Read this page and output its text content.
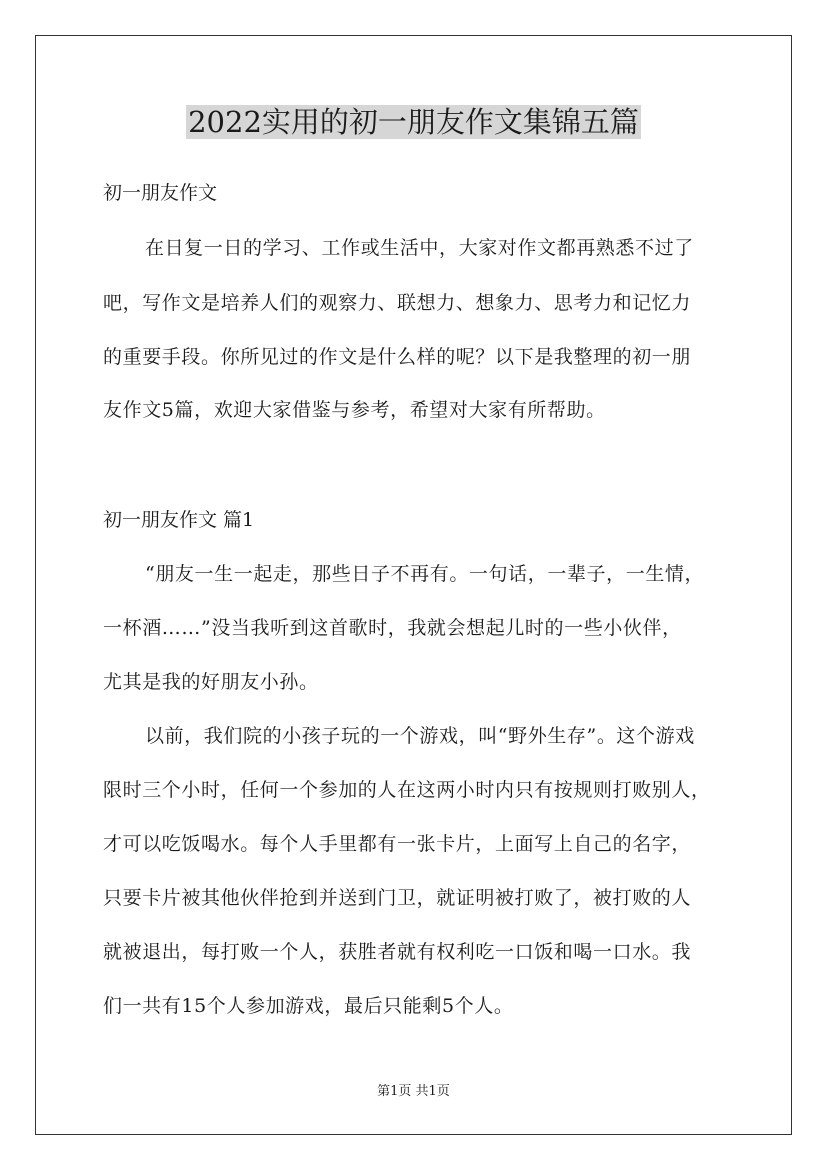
2022实用的初一朋友作文集锦五篇
初一朋友作文
在日复一日的学习、工作或生活中，大家对作文都再熟悉不过了
吧，写作文是培养人们的观察力、联想力、想象力、思考力和记忆力
的重要手段。你所见过的作文是什么样的呢？以下是我整理的初一朋
友作文5篇，欢迎大家借鉴与参考，希望对大家有所帮助。
初一朋友作文 篇1
“朋友一生一起走，那些日子不再有。一句话，一辈子，一生情，
一杯酒……”没当我听到这首歌时，我就会想起儿时的一些小伙伴，
尤其是我的好朋友小孙。
以前，我们院的小孩子玩的一个游戏，叫“野外生存”。这个游戏
限时三个小时，任何一个参加的人在这两小时内只有按规则打败别人，
才可以吃饭喝水。每个人手里都有一张卡片，上面写上自己的名字，
只要卡片被其他伙伴抢到并送到门卫，就证明被打败了，被打败的人
就被退出，每打败一个人，获胜者就有权利吃一口饭和喝一口水。我
们一共有15个人参加游戏，最后只能剩5个人。
第1页 共1页
